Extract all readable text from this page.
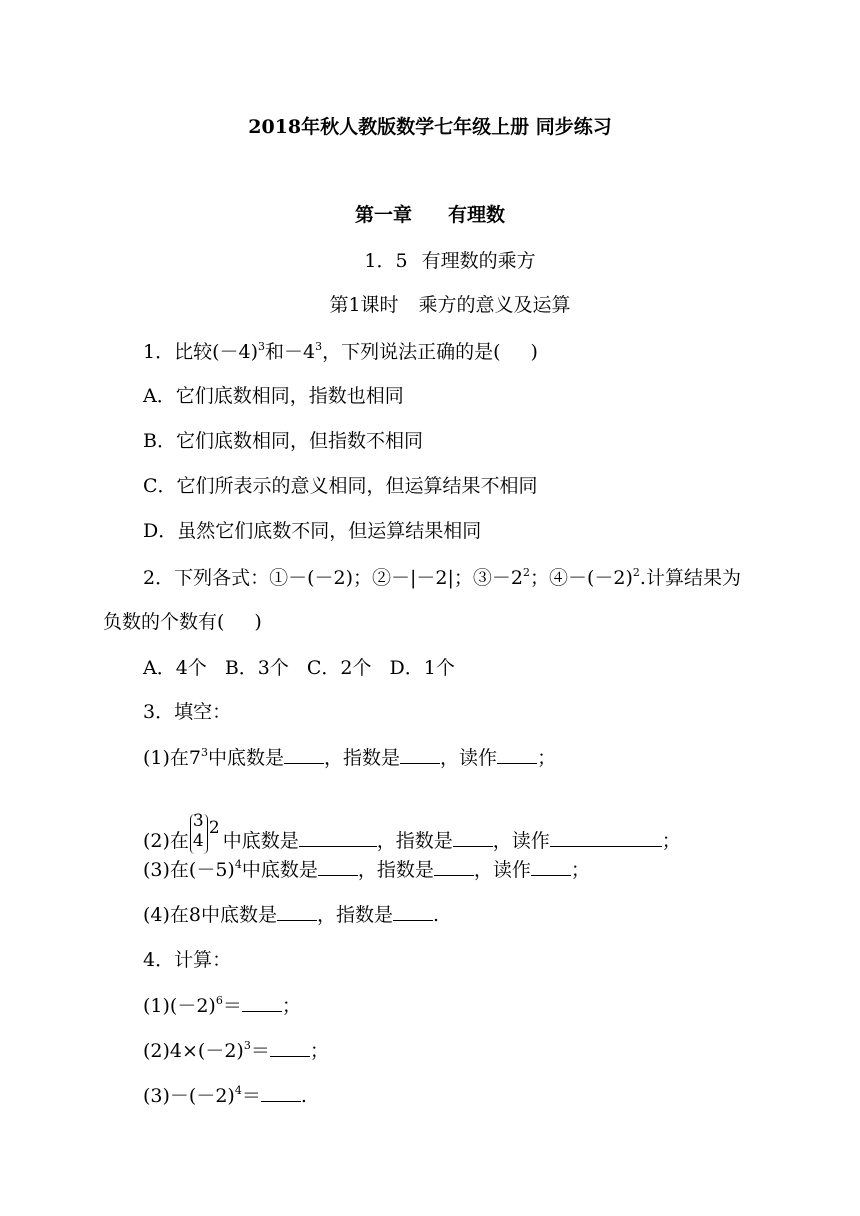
2018年秋人教版数学七年级上册 同步练习
第一章 有理数
1．5 有理数的乘方
第1课时 乘方的意义及运算
1．比较$(-4)^3$和$-4^3$，下列说法正确的是( )
A．它们底数相同，指数也相同
B．它们底数相同，但指数不相同
C．它们所表示的意义相同，但运算结果不相同
D．虽然它们底数不同，但运算结果相同
2．下列各式：①－(－2)；②－|－2|；$③-2^2$；$④-(-2)^2$.计算结果为
负数的个数有( )
A．4个 B．3个 C．2个 D．1个
3．填空：
(1)在$7^3$中底数是 ，指数是 ，读作 ；
(2)在
3
4
2中底数是	，指数是 ，读作	；
(3)在$(-5)^4$中底数是 ，指数是 ，读作 ；
(4)在8中底数是 ，指数是 .
4．计算：
$(1)(-2)^6=$ ；
$(2)4\times(-2)^3=$ ；
$(3)-(-2)^4=$ .
